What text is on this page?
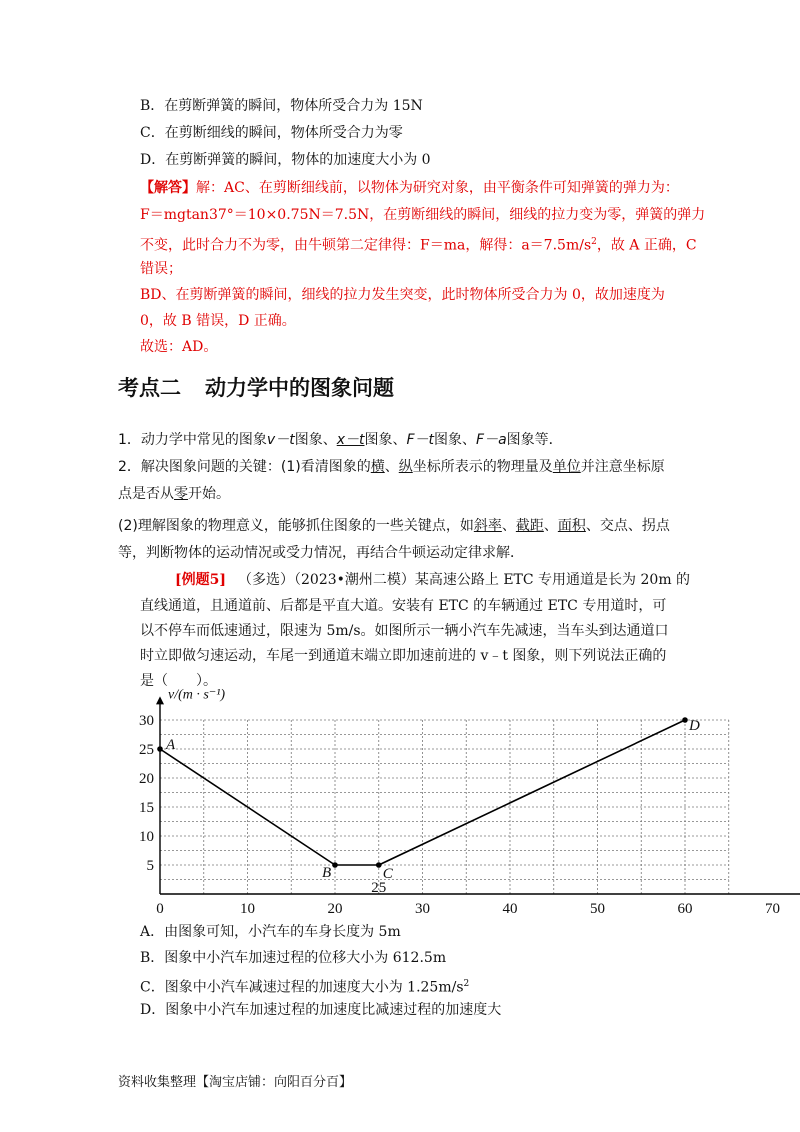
B．在剪断弹簧的瞬间，物体所受合力为 15N
C．在剪断细线的瞬间，物体所受合力为零
D．在剪断弹簧的瞬间，物体的加速度大小为 0
【解答】解：AC、在剪断细线前，以物体为研究对象，由平衡条件可知弹簧的弹力为：
F＝mgtan37°＝10×0.75N＝7.5N，在剪断细线的瞬间，细线的拉力变为零，弹簧的弹力
不变，此时合力不为零，由牛顿第二定律得：F＝ma，解得：$a=7.5m/s^2$，故 A 正确，C
错误；
BD、在剪断弹簧的瞬间，细线的拉力发生突变，此时物体所受合力为 0，故加速度为
0，故 B 错误，D 正确。
故选：AD。
考点二 动力学中的图象问题
1．动力学中常见的图象v－t图象、x－t图象、F－t图象、F－a图象等．
2．解决图象问题的关键：(1)看清图象的横、纵坐标所表示的物理量及单位并注意坐标原
点是否从零开始。
(2)理解图象的物理意义，能够抓住图象的一些关键点，如斜率、截距、面积、交点、拐点
等，判断物体的运动情况或受力情况，再结合牛顿运动定律求解．
[例题5] （多选）（2023•潮州二模）某高速公路上 ETC 专用通道是长为 20m 的
直线通道，且通道前、后都是平直大道。安装有 ETC 的车辆通过 ETC 专用道时，可
以不停车而低速通过，限速为 5m/s。如图所示一辆小汽车先减速，当车头到达通道口
时立即做匀速运动，车尾一到通道末端立即加速前进的 v﹣t 图象，则下列说法正确的
是（　　）。
0	10	20	30	40	50	60	70
5
10
15
20
25
30
v/(m · s⁻¹)
A
B	C
D
25
A．由图象可知，小汽车的车身长度为 5m
B．图象中小汽车加速过程的位移大小为 612.5m
C．图象中小汽车减速过程的加速度大小为 $1.25m/s^2$
D．图象中小汽车加速过程的加速度比减速过程的加速度大
资料收集整理【淘宝店铺：向阳百分百】
